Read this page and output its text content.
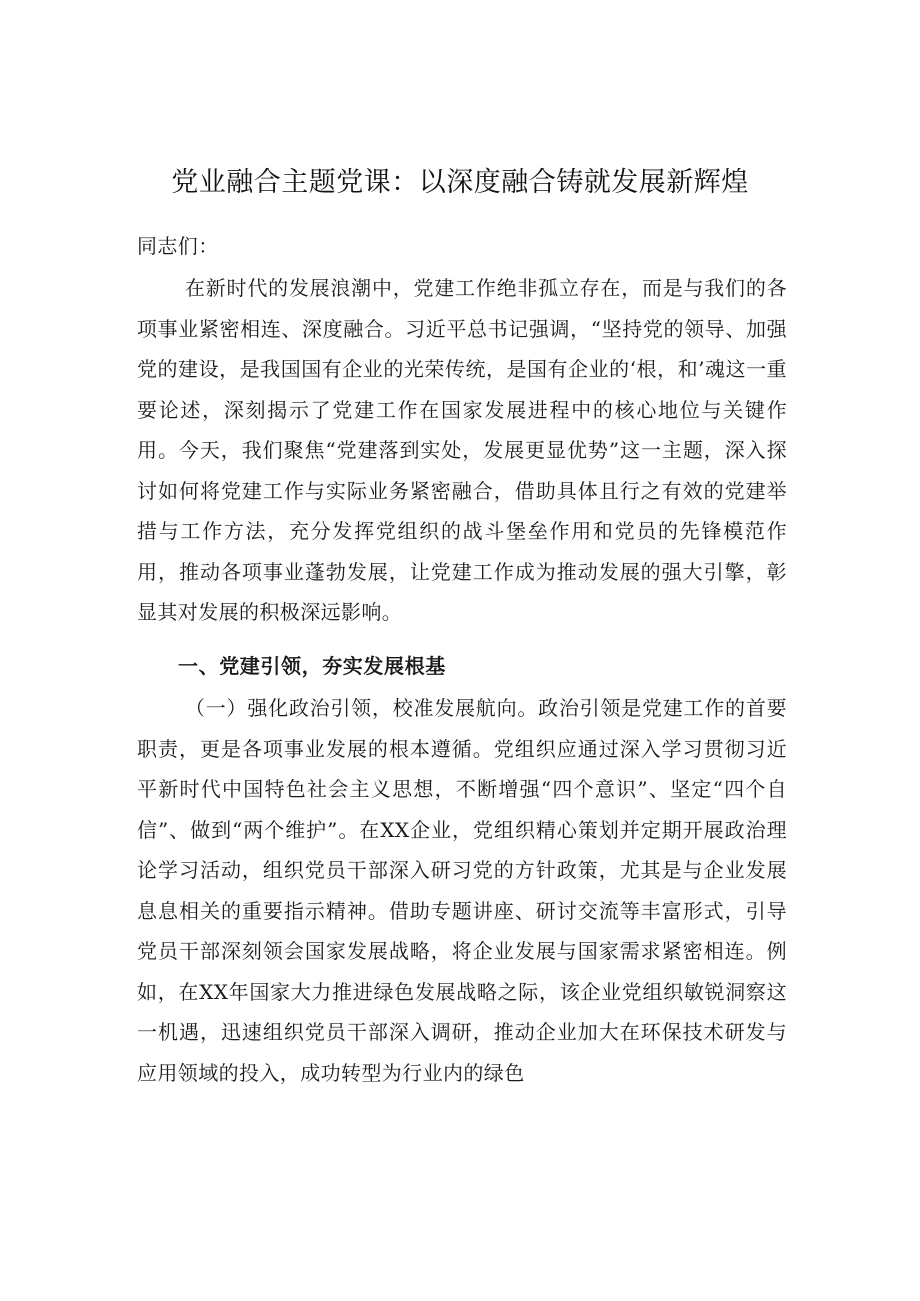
党业融合主题党课：以深度融合铸就发展新辉煌
同志们：
在新时代的发展浪潮中，党建工作绝非孤立存在，而是与我们的各项事业紧密相连、深度融合。习近平总书记强调，“坚持党的领导、加强党的建设，是我国国有企业的光荣传统，是国有企业的‘根，和’魂这一重要论述，深刻揭示了党建工作在国家发展进程中的核心地位与关键作用。今天，我们聚焦“党建落到实处，发展更显优势”这一主题，深入探讨如何将党建工作与实际业务紧密融合，借助具体且行之有效的党建举措与工作方法，充分发挥党组织的战斗堡垒作用和党员的先锋模范作用，推动各项事业蓬勃发展，让党建工作成为推动发展的强大引擎，彰显其对发展的积极深远影响。
一、党建引领，夯实发展根基
（一）强化政治引领，校准发展航向。政治引领是党建工作的首要职责，更是各项事业发展的根本遵循。党组织应通过深入学习贯彻习近平新时代中国特色社会主义思想，不断增强“四个意识”、坚定“四个自信”、做到“两个维护”。在XX企业，党组织精心策划并定期开展政治理论学习活动，组织党员干部深入研习党的方针政策，尤其是与企业发展息息相关的重要指示精神。借助专题讲座、研讨交流等丰富形式，引导党员干部深刻领会国家发展战略，将企业发展与国家需求紧密相连。例如，在XX年国家大力推进绿色发展战略之际，该企业党组织敏锐洞察这一机遇，迅速组织党员干部深入调研，推动企业加大在环保技术研发与应用领域的投入，成功转型为行业内的绿色
